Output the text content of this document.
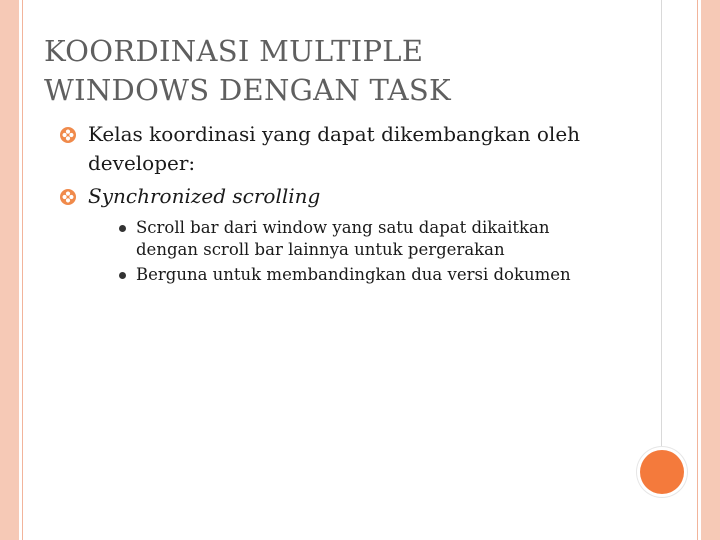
KOORDINASI MULTIPLE
WINDOWS DENGAN TASK
Kelas koordinasi yang dapat dikembangkan oleh
developer:
Synchronized scrolling
Scroll bar dari window yang satu dapat dikaitkan
dengan scroll bar lainnya untuk pergerakan
Berguna untuk membandingkan dua versi dokumen
